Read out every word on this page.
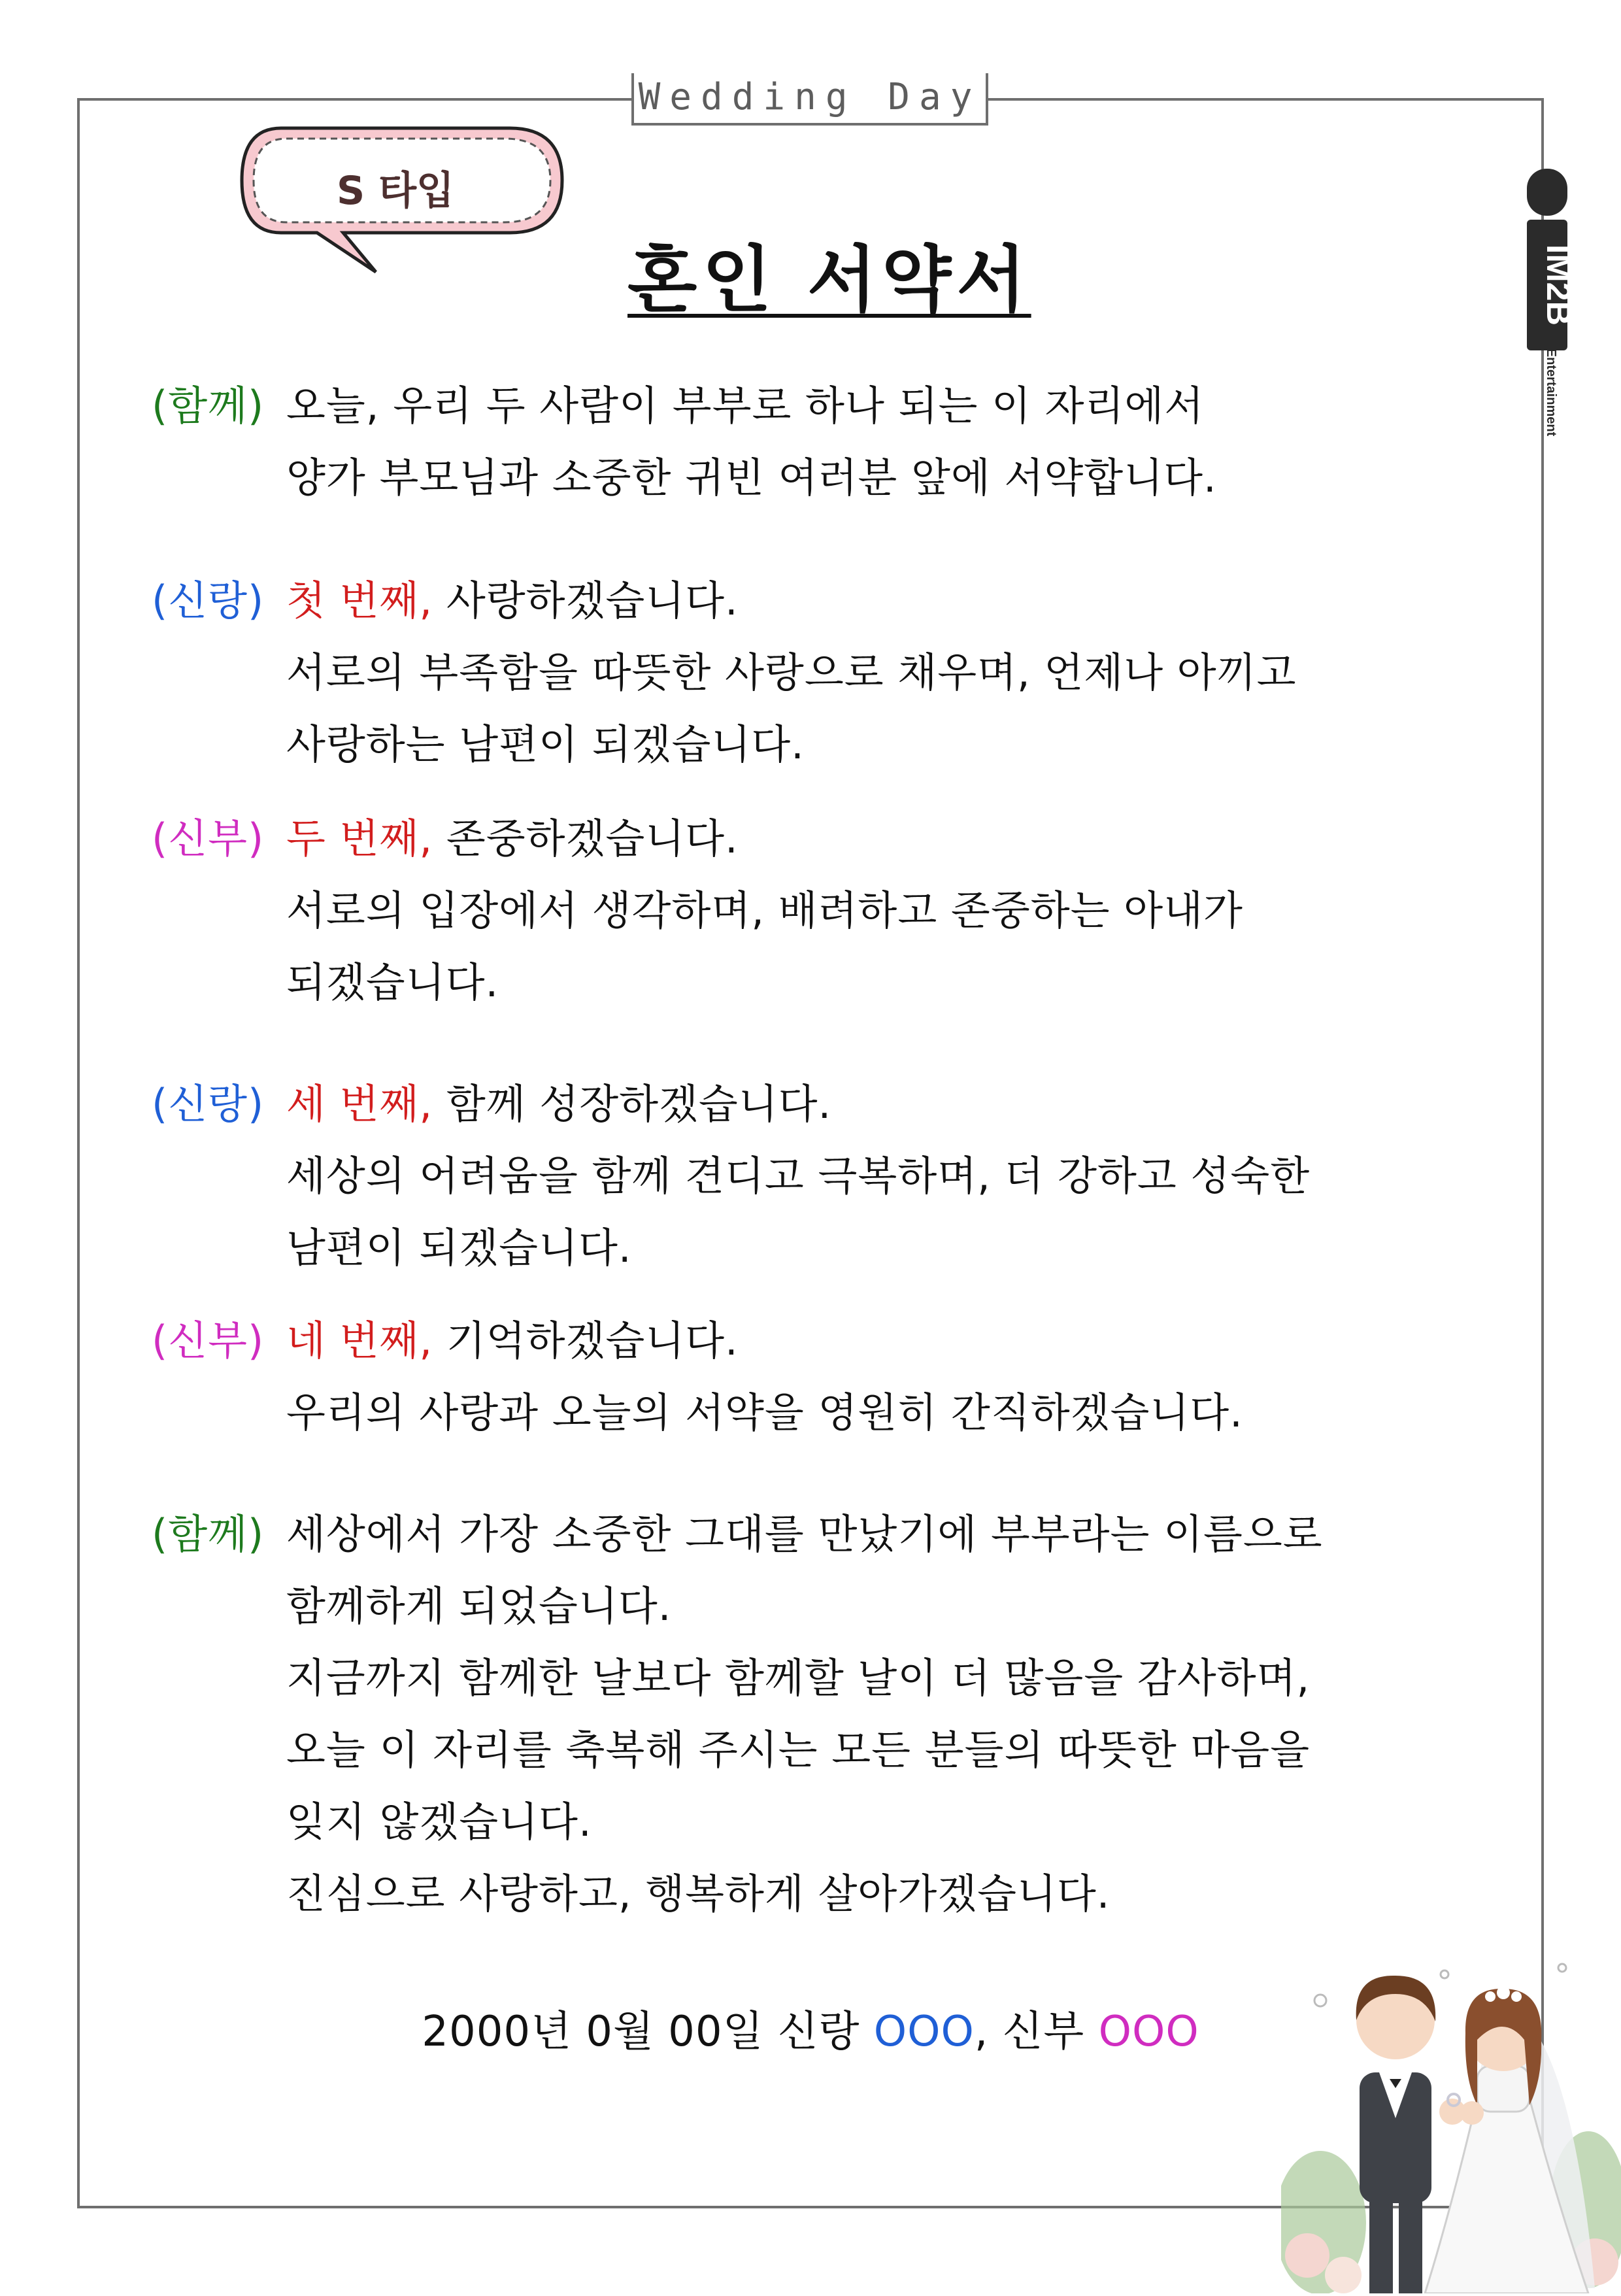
Wedding Day
S 타입
혼인 서약서	IM2B
Entertainment
(함께) 오늘, 우리 두 사람이 부부로 하나 되는 이 자리에서
양가 부모님과 소중한 귀빈 여러분 앞에 서약합니다.
(신랑) 첫 번째, 사랑하겠습니다.
서로의 부족함을 따뜻한 사랑으로 채우며, 언제나 아끼고
사랑하는 남편이 되겠습니다.
(신부) 두 번째, 존중하겠습니다.
서로의 입장에서 생각하며, 배려하고 존중하는 아내가
되겠습니다.
(신랑) 세 번째, 함께 성장하겠습니다.
세상의 어려움을 함께 견디고 극복하며, 더 강하고 성숙한
남편이 되겠습니다.
(신부) 네 번째, 기억하겠습니다.
우리의 사랑과 오늘의 서약을 영원히 간직하겠습니다.
(함께) 세상에서 가장 소중한 그대를 만났기에 부부라는 이름으로
함께하게 되었습니다.
지금까지 함께한 날보다 함께할 날이 더 많음을 감사하며,
오늘 이 자리를 축복해 주시는 모든 분들의 따뜻한 마음을
잊지 않겠습니다.
진심으로 사랑하고, 행복하게 살아가겠습니다.
2000년 0월 00일 신랑 OOO, 신부 OOO
